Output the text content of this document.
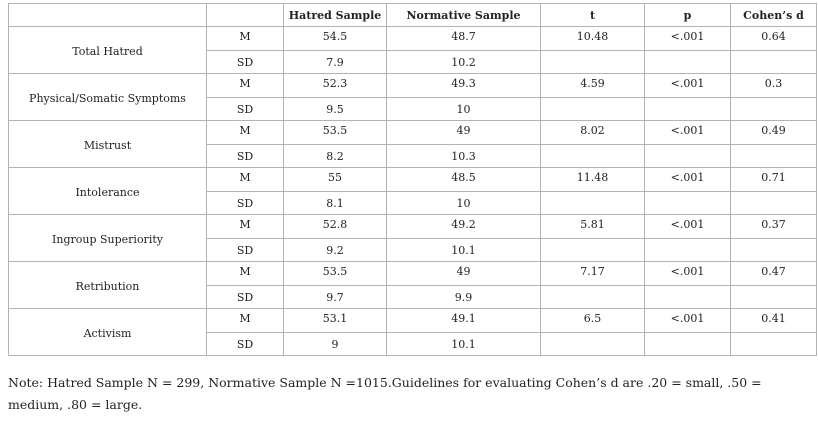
		Hatred Sample	Normative Sample	t	p	Cohen’s d
Total Hatred	M	54.5	48.7	10.48	<.001	0.64
	SD	7.9	10.2			
Physical/Somatic Symptoms	M	52.3	49.3	4.59	<.001	0.3
	SD	9.5	10			
Mistrust	M	53.5	49	8.02	<.001	0.49
	SD	8.2	10.3			
Intolerance	M	55	48.5	11.48	<.001	0.71
	SD	8.1	10			
Ingroup Superiority	M	52.8	49.2	5.81	<.001	0.37
	SD	9.2	10.1			
Retribution	M	53.5	49	7.17	<.001	0.47
	SD	9.7	9.9			
Activism	M	53.1	49.1	6.5	<.001	0.41
	SD	9	10.1			

Note: Hatred Sample N = 299, Normative Sample N =1015.Guidelines for evaluating Cohen’s d are .20 = small, .50 = medium, .80 = large.
